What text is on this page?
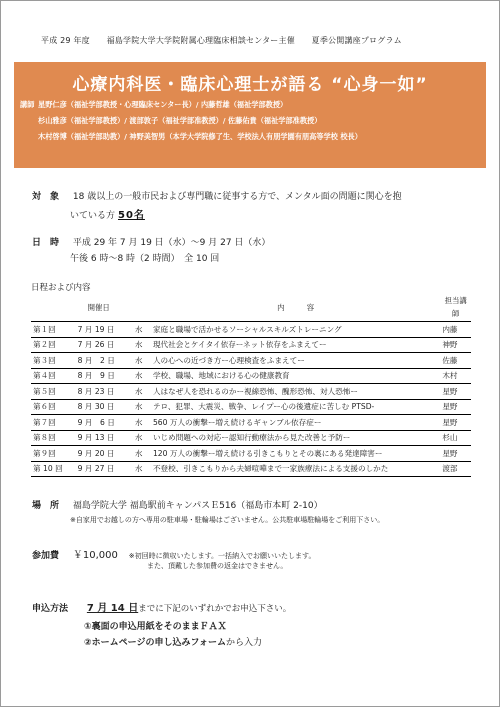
平成 29 年度 福島学院大学大学院附属心理臨床相談センター主催 夏季公開講座プログラム
心療内科医・臨床心理士が語る “心身一如”
講師 星野仁彦（福祉学部教授・心理臨床センター長）/ 内藤哲雄（福祉学部教授）
杉山雅彦（福祉学部教授）/ 渡部敦子（福祉学部准教授）/ 佐藤佑貴（福祉学部准教授）
木村啓博（福祉学部助教）/ 神野美智男（本学大学院修了生、学校法人有朋学園有朋高等学校 校長）
対　象 18 歳以上の一般市民および専門職に従事する方で、メンタル面の問題に関心を抱
いている方 50名
日　時 平成 29 年 7 月 19 日（水）～9 月 27 日（水）
午後 6 時～8 時（2 時間）　全 10 回
日程および内容
	開催日		内　　　容	担当講師
第１回	7 月 19 日	水	家庭と職場で活かせるソーシャルスキルズトレーニング	内藤
第２回	7 月 26 日	水	現代社会とケイタイ依存ーネット依存をふまえてー	神野
第３回	8 月　2 日	水	人の心への近づき方ー心理検査をふまえてー	佐藤
第４回	8 月　9 日	水	学校、職場、地域における心の健康教育	木村
第５回	8 月 23 日	水	人はなぜ人を恐れるのかー視線恐怖、醜形恐怖、対人恐怖ー	星野
第６回	8 月 30 日	水	テロ、犯罪、大震災、戦争、レイプー心の後遺症に苦しむ PTSD-	星野
第７回	9 月　6 日	水	560 万人の衝撃ー増え続けるギャンブル依存症ー	星野
第８回	9 月 13 日	水	いじめ問題への対応ー認知行動療法から見た改善と予防ー	杉山
第９回	9 月 20 日	水	120 万人の衝撃ー増え続ける引きこもりとその裏にある発達障害ー	星野
第 10 回	9 月 27 日	水	不登校、引きこもりから夫婦喧嘩まで一家族療法による支援のしかた	渡部
場　所 福島学院大学 福島駅前キャンパスＥ516（福島市本町 2-10）
※自家用でお越しの方へ専用の駐車場・駐輪場はございません。公共駐車場駐輪場をご利用下さい。
参加費 ￥10,000 ※初回時に徴収いたします。一括納入でお願いいたします。
また、頂戴した参加費の返金はできません。
申込方法 7 月 14 日までに下記のいずれかでお申込下さい。
①裏面の申込用紙をそのままＦＡＸ
②ホームページの申し込みフォームから入力
